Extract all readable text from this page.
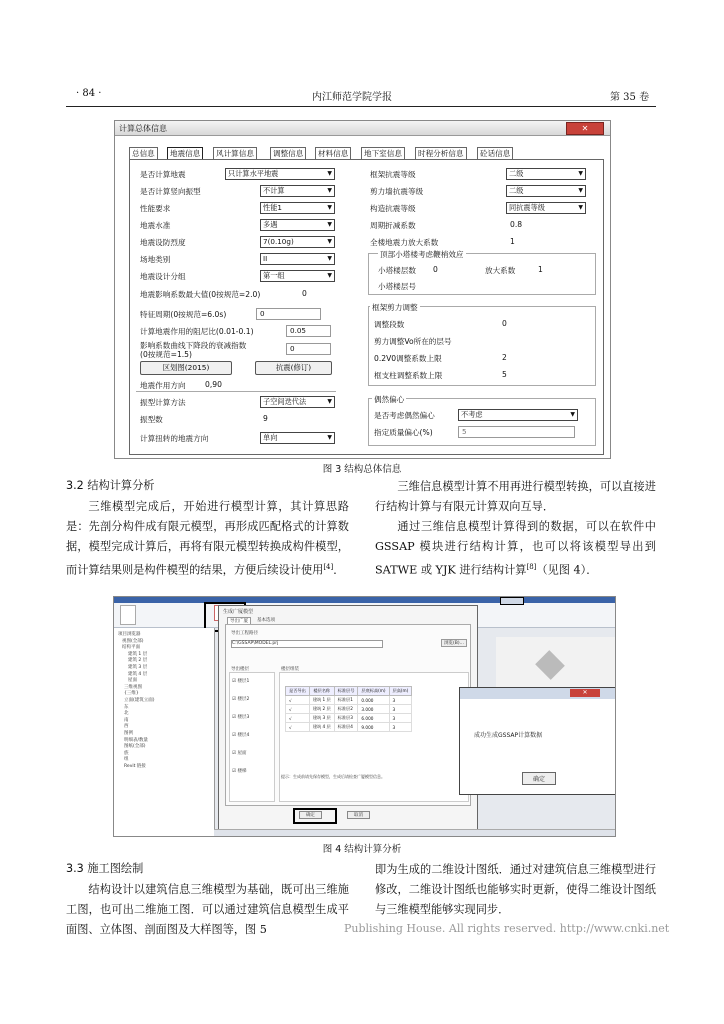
· 84 ·	内江师范学院学报	第 35 卷
计算总体信息	✕
总信息	地震信息	风计算信息	调整信息	材料信息	地下室信息	时程分析信息	砼话信息
是否计算地震	只计算水平地震	▼
是否计算竖向振型	不计算	▼
性能要求	性能1	▼
地震水准	多遇	▼
地震设防烈度	7(0.10g)	▼
场地类别	II	▼
地震设计分组	第一组	▼
地震影响系数最大值(0按规范=2.0)	0
特征周期(0按规范=6.0s)	0
计算地震作用的阻尼比(0.01-0.1)	0.05
影响系数曲线下降段的衰减指数
(0按规范=1.5)
0
区划图(2015)	抗震(修订)
地震作用方向	0,90
振型计算方法	子空间迭代法	▼
振型数	9
计算扭转的地震方向	单向	▼
框架抗震等级	二级	▼
剪力墙抗震等级	二级	▼
构造抗震等级	同抗震等级	▼
周期折减系数	0.8
全楼地震力放大系数	1
顶部小塔楼考虑鞭梢效应
小塔楼层数 0	放大系数	1
小塔楼层号
框架剪力调整
调整段数	0
剪力调整Vo所在的层号
0.2V0调整系数上限	2
框支柱调整系数上限	5
偶然偏心
是否考虑偶然偏心	不考虑	▼
指定质量偏心(%)	5
图 3 结构总体信息
3.2 结构计算分析

三维模型完成后，开始进行模型计算，其计算思路是：先剖分构件成有限元模型，再形成匹配格式的计算数据，模型完成计算后，再将有限元模型转换成构件模型，而计算结果则是构件模型的结果，方便后续设计使用[4]．

三维信息模型计算不用再进行模型转换，可以直接进行结构计算与有限元计算双向互导．

通过三维信息模型计算得到的数据，可以在软件中 GSSAP 模块进行结构计算，也可以将该模型导出到 SATWE 或 YJK 进行结构计算[8]（见图 4）．

项目浏览器
视图(全部)
结构平面
建筑 1 层
建筑 2 层
建筑 3 层
建筑 4 层
屋面
三维视图
{三维}
立面(建筑立面)
东
北
南
西
图例
明细表/数量
图纸(全部)
族
组
Revit 链接
生成广厦模型
导出广厦	基本选项
导出工程路径
C:\GSSAP\MODEL.prj	浏览(B)...
导出楼层	楼层组装
☑ 楼层1
☑ 楼层2
☑ 楼层3
☑ 楼层4
☑ 屋面
☑ 楼梯
是否导出	楼层名称	标准层号	层底标高(m)	层高(m)
√	建筑 1 层	标准层1	0.000	3
√	建筑 2 层	标准层2	3.000	3
√	建筑 3 层	标准层3	6.000	3
√	建筑 4 层	标准层4	9.000	3
提示：生成前请先保存模型，生成后请检查广厦模型信息。
确定	取消
✕
成功生成GSSAP计算数据
确定
图 4 结构计算分析
3.3 施工图绘制

结构设计以建筑信息三维模型为基础，既可出三维施工图，也可出二维施工图．可以通过建筑信息模型生成平面图、立体图、剖面图及大样图等，图 5

即为生成的二维设计图纸．通过对建筑信息三维模型进行修改，二维设计图纸也能够实时更新，使得二维设计图纸与三维模型能够实现同步．

Publishing House. All rights reserved. http://www.cnki.net
